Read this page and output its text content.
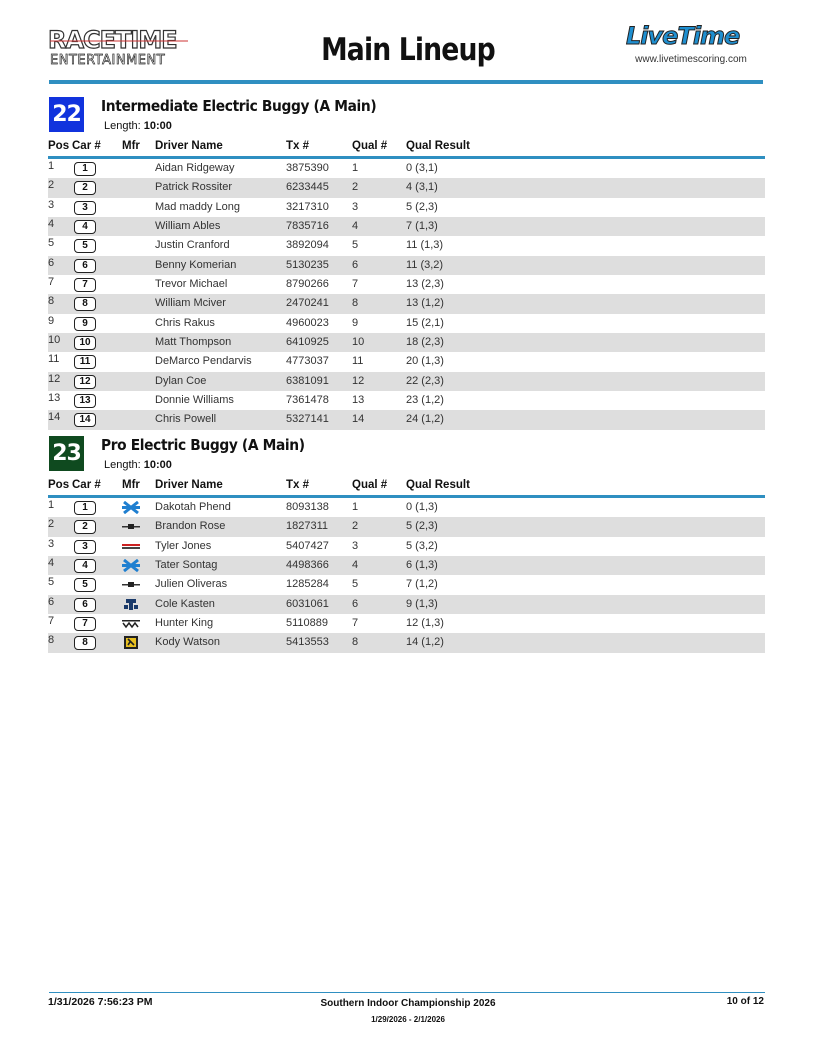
RACETIME
ENTERTAINMENT	Main Lineup	LiveTime
www.livetimescoring.com
22 Intermediate Electric Buggy (A Main)
Length: 10:00
Pos Car # Mfr Driver Name	Tx #	Qual # Qual Result
1	1	Aidan Ridgeway	3875390 1	0 (3,1)
2	2	Patrick Rossiter	6233445 2	4 (3,1)
3	3	Mad maddy Long	3217310 3	5 (2,3)
4	4	William Ables	7835716 4	7 (1,3)
5	5	Justin Cranford	3892094 5	11 (1,3)
6	6	Benny Komerian	5130235 6	11 (3,2)
7	7	Trevor Michael	8790266 7	13 (2,3)
8	8	William Mciver	2470241 8	13 (1,2)
9	9	Chris Rakus	4960023 9	15 (2,1)
10	10	Matt Thompson	6410925 10	18 (2,3)
11	11	DeMarco Pendarvis	4773037 11	20 (1,3)
12	12	Dylan Coe	6381091 12	22 (2,3)
13	13	Donnie Williams	7361478 13	23 (1,2)
14	14	Chris Powell	5327141 14	24 (1,2)
23 Pro Electric Buggy (A Main)
Length: 10:00
Pos Car # Mfr Driver Name	Tx #	Qual # Qual Result
1	1	Dakotah Phend	8093138 1	0 (1,3)
2	2	Brandon Rose	1827311 2	5 (2,3)
3	3	Tyler Jones	5407427 3	5 (3,2)
4	4	Tater Sontag	4498366 4	6 (1,3)
5	5	Julien Oliveras	1285284 5	7 (1,2)
6	6	Cole Kasten	6031061 6	9 (1,3)
7	7	Hunter King	5110889 7	12 (1,3)
8	8	Kody Watson	5413553 8	14 (1,2)
1/31/2026 7:56:23 PM	Southern Indoor Championship 2026
1/29/2026 - 2/1/2026
10 of 12
